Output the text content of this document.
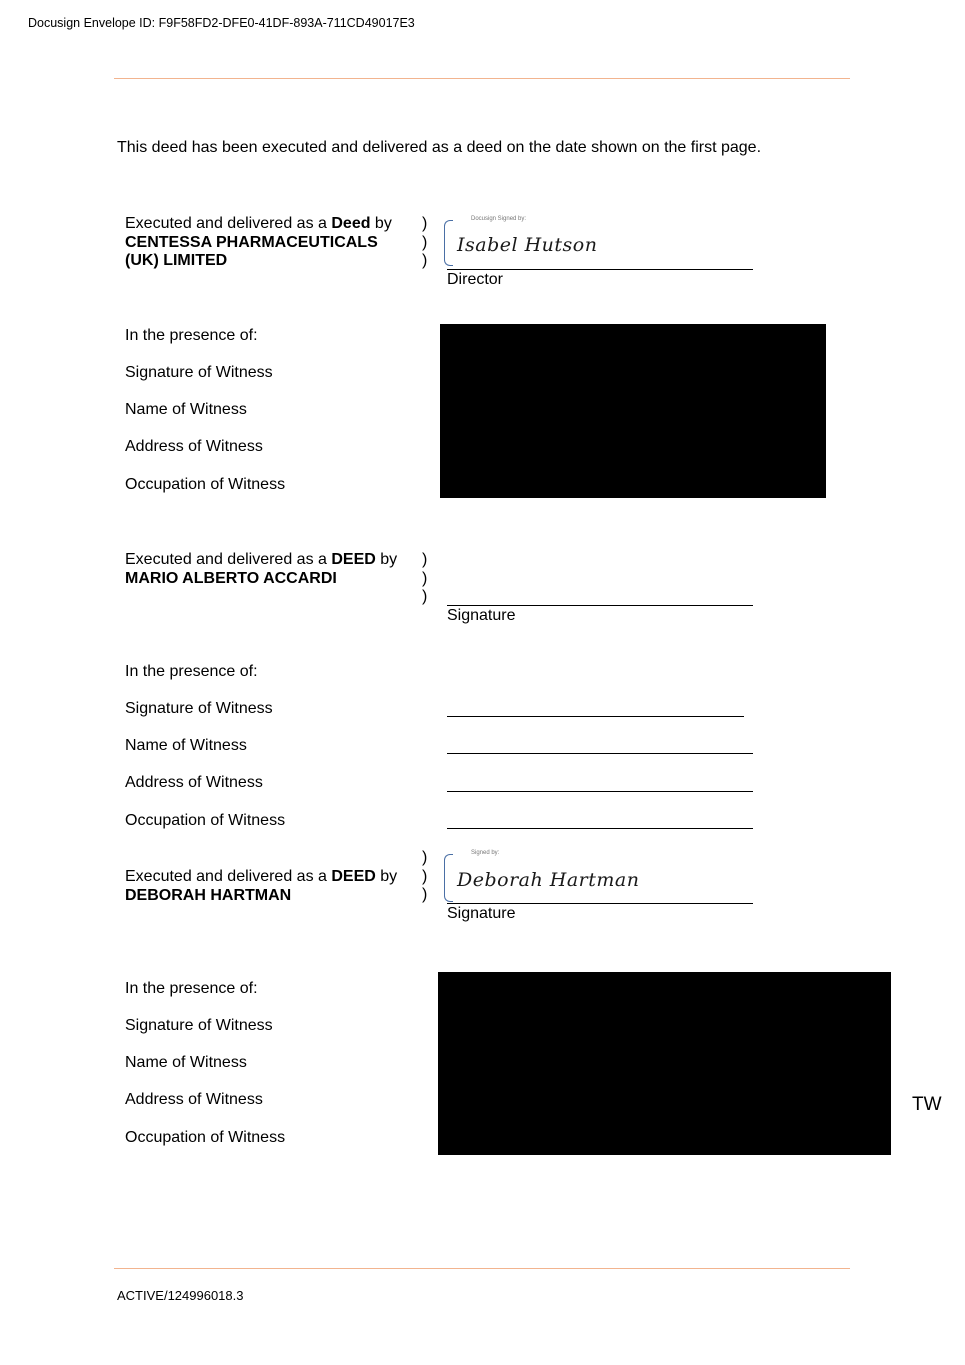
Docusign Envelope ID: F9F58FD2-DFE0-41DF-893A-711CD49017E3
This deed has been executed and delivered as a deed on the date shown on the first page.
Executed and delivered as a Deed by
CENTESSA PHARMACEUTICALS
(UK) LIMITED
)
)
)
Docusign Signed by:
Isabel Hutson
Director
In the presence of:
Signature of Witness
Name of Witness
Address of Witness
Occupation of Witness
Executed and delivered as a DEED by
MARIO ALBERTO ACCARDI
)
)
)
Signature
In the presence of:
Signature of Witness
Name of Witness
Address of Witness
Occupation of Witness
)
)
)
Executed and delivered as a DEED by
DEBORAH HARTMAN
Signed by:
Deborah Hartman
Signature
In the presence of:
Signature of Witness
Name of Witness
Address of Witness
Occupation of Witness
TW
ACTIVE/124996018.3
